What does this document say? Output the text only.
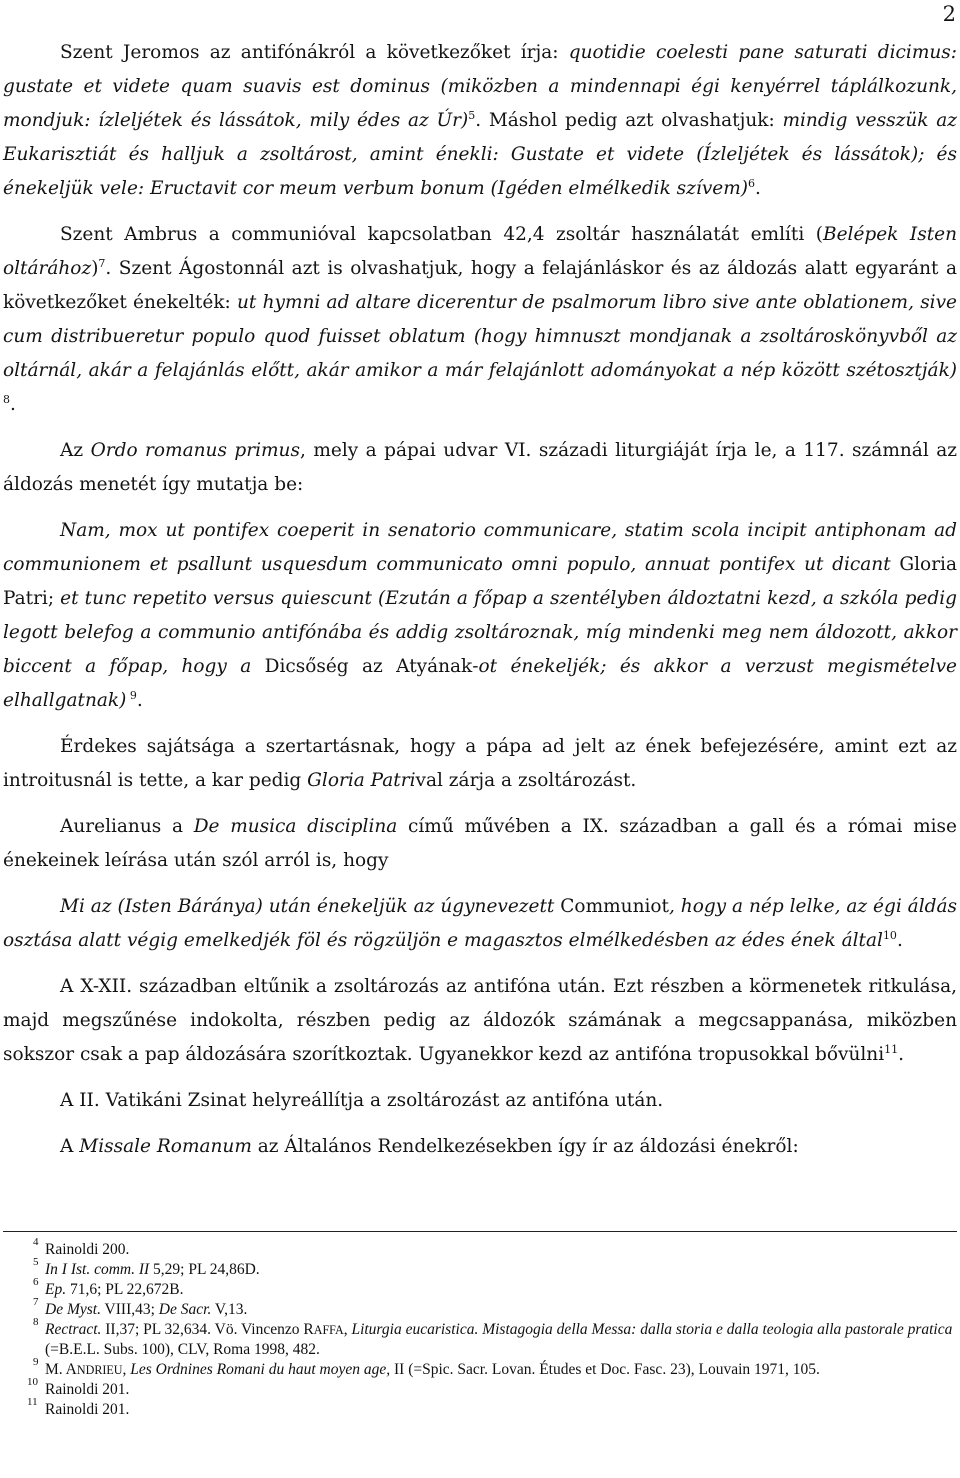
2

Szent Jeromos az antifónákról a következőket írja: quotidie coelesti pane saturati dicimus: gustate et videte quam suavis est dominus (miközben a mindennapi égi kenyérrel táplálkozunk, mondjuk: ízleljétek és lássátok, mily édes az Úr)$^5$. Máshol pedig azt olvashatjuk: mindig vesszük az Eukarisztiát és halljuk a zsoltárost, amint énekli: Gustate et videte (Ízleljétek és lássátok); és énekeljük vele: Eructavit cor meum verbum bonum (Igéden elmélkedik szívem)$^6$.

Szent Ambrus a communióval kapcsolatban 42,4 zsoltár használatát említi (Belépek Isten oltárához)$^7$. Szent Ágostonnál azt is olvashatjuk, hogy a felajánláskor és az áldozás alatt egyaránt a következőket énekelték: ut hymni ad altare dicerentur de psalmorum libro sive ante oblationem, sive cum distribueretur populo quod fuisset oblatum (hogy himnuszt mondjanak a zsoltároskönyvből az oltárnál, akár a felajánlás előtt, akár amikor a már felajánlott adományokat a nép között szétosztják) $^8$.

Az Ordo romanus primus, mely a pápai udvar VI. századi liturgiáját írja le, a 117. számnál az áldozás menetét így mutatja be:

Nam, mox ut pontifex coeperit in senatorio communicare, statim scola incipit antiphonam ad communionem et psallunt usquesdum communicato omni populo, annuat pontifex ut dicant Gloria Patri; et tunc repetito versus quiescunt (Ezután a főpap a szentélyben áldoztatni kezd, a szkóla pedig legott belefog a communio antifónába és addig zsoltároznak, míg mindenki meg nem áldozott, akkor biccent a főpap, hogy a Dicsőség az Atyának-ot énekeljék; és akkor a verzust megismételve elhallgatnak) $^9$.

Érdekes sajátsága a szertartásnak, hogy a pápa ad jelt az ének befejezésére, amint ezt az introitusnál is tette, a kar pedig Gloria Patrival zárja a zsoltározást.

Aurelianus a De musica disciplina című művében a IX. században a gall és a római mise énekeinek leírása után szól arról is, hogy

Mi az (Isten Bárányа) után énekeljük az úgynevezett Communiot, hogy a nép lelke, az égi áldás osztása alatt végig emelkedjék föl és rögzüljön e magasztos elmélkedésben az édes ének által$^{10}$.

A X-XII. században eltűnik a zsoltározás az antifóna után. Ezt részben a körmenetek ritkulása, majd megszűnése indokolta, részben pedig az áldozók számának a megcsappanása, miközben sokszor csak a pap áldozására szorítkoztak. Ugyanekkor kezd az antifóna tropusokkal bővülni$^{11}$.

A II. Vatikáni Zsinat helyreállítja a zsoltározást az antifóna után.

A Missale Romanum az Általános Rendelkezésekben így ír az áldozási énekről:

4 Rainoldi 200.
5 In I Ist. comm. II 5,29; PL 24,86D.
6 Ep. 71,6; PL 22,672B.
7 De Myst. VIII,43; De Sacr. V,13.
8 Rectract. II,37; PL 32,634. Vö. Vincenzo RAFFA, Liturgia eucaristica. Mistagogia della Messa: dalla storia e dalla teologia alla pastorale pratica (=B.E.L. Subs. 100), CLV, Roma 1998, 482.
9 M. ANDRIEU, Les Ordnines Romani du haut moyen age, II (=Spic. Sacr. Lovan. Études et Doc. Fasc. 23), Louvain 1971, 105.
10 Rainoldi 201.
11 Rainoldi 201.
